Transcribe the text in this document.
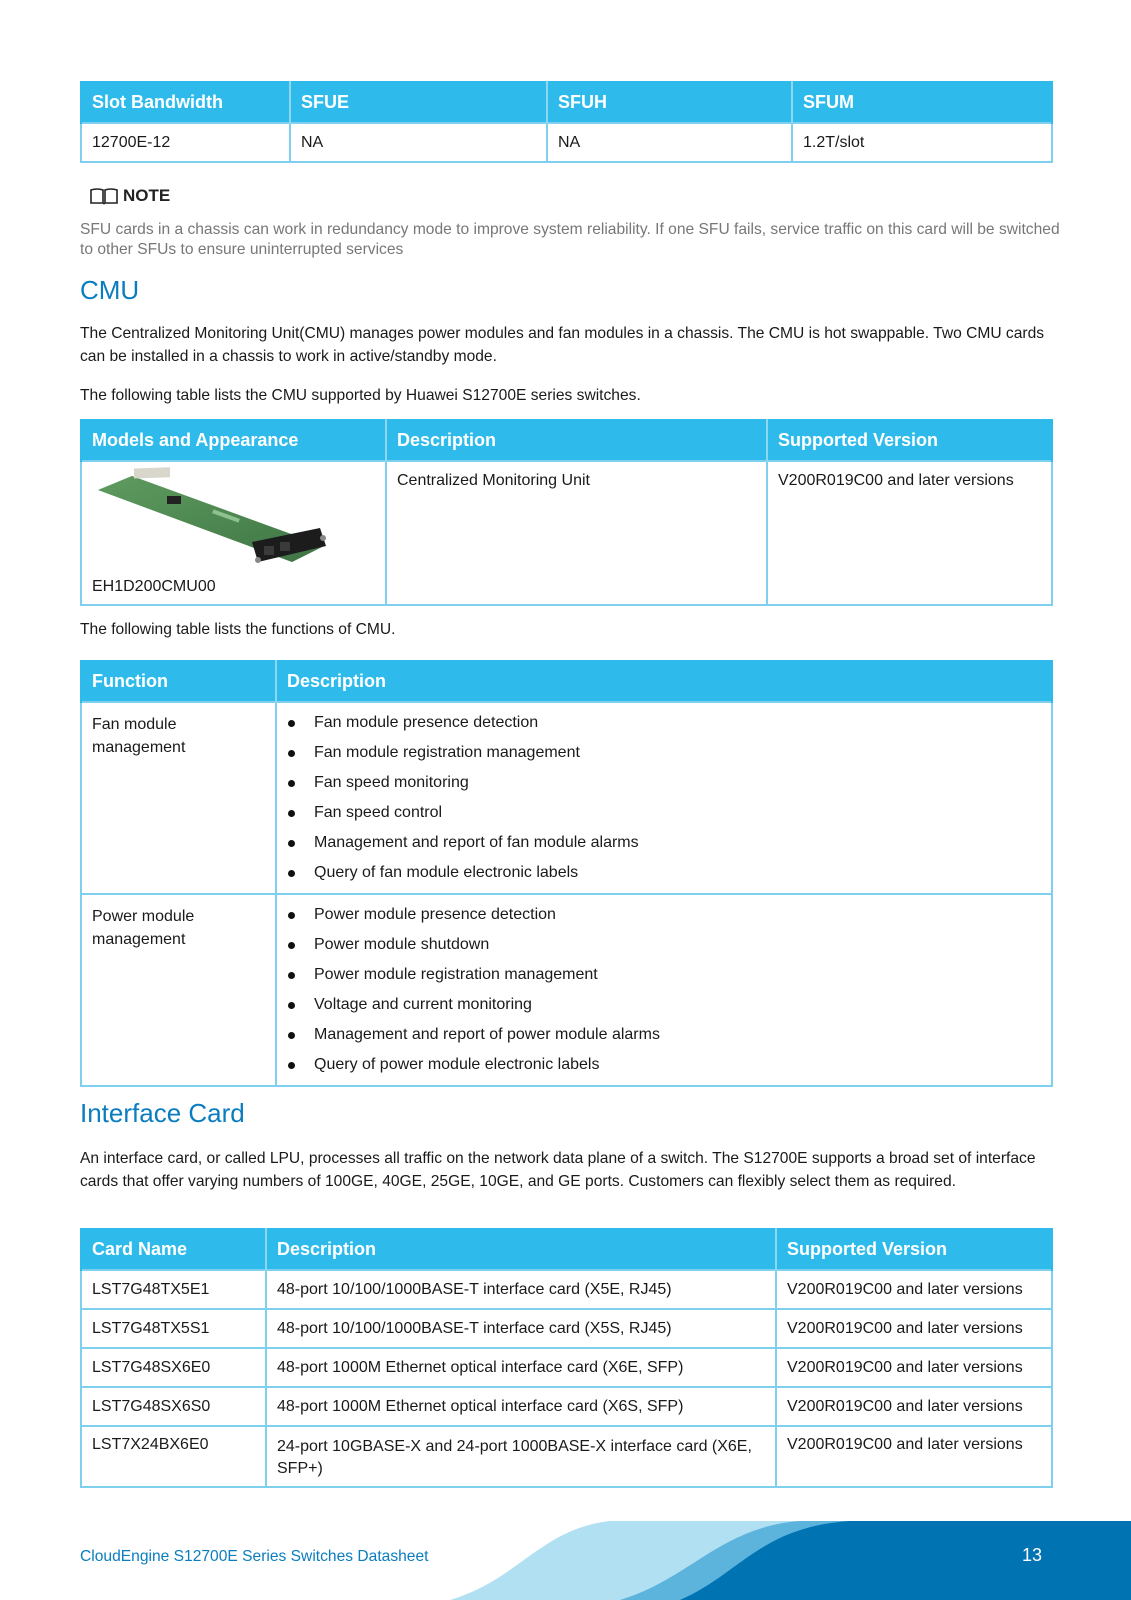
Slot Bandwidth	SFUE	SFUH	SFUM
12700E-12	NA	NA	1.2T/slot
NOTE
SFU cards in a chassis can work in redundancy mode to improve system reliability. If one SFU fails, service traffic on this card will be switched to other SFUs to ensure uninterrupted services
CMU
The Centralized Monitoring Unit(CMU) manages power modules and fan modules in a chassis. The CMU is hot swappable. Two CMU cards can be installed in a chassis to work in active/standby mode.
The following table lists the CMU supported by Huawei S12700E series switches.
Models and Appearance	Description	Supported Version

EH1D200CMU00	Centralized Monitoring Unit	V200R019C00 and later versions
The following table lists the functions of CMU.
Function	Description
Fan module management	
Fan module presence detection
Fan module registration management
Fan speed monitoring
Fan speed control
Management and report of fan module alarms
Query of fan module electronic labels

Power module management	
Power module presence detection
Power module shutdown
Power module registration management
Voltage and current monitoring
Management and report of power module alarms
Query of power module electronic labels
Interface Card
An interface card, or called LPU, processes all traffic on the network data plane of a switch. The S12700E supports a broad set of interface cards that offer varying numbers of 100GE, 40GE, 25GE, 10GE, and GE ports. Customers can flexibly select them as required.
Card Name	Description	Supported Version
LST7G48TX5E1	48-port 10/100/1000BASE-T interface card (X5E, RJ45)	V200R019C00 and later versions
LST7G48TX5S1	48-port 10/100/1000BASE-T interface card (X5S, RJ45)	V200R019C00 and later versions
LST7G48SX6E0	48-port 1000M Ethernet optical interface card (X6E, SFP)	V200R019C00 and later versions
LST7G48SX6S0	48-port 1000M Ethernet optical interface card (X6S, SFP)	V200R019C00 and later versions
LST7X24BX6E0	24-port 10GBASE-X and 24-port 1000BASE-X interface card (X6E, SFP+)	V200R019C00 and later versions
CloudEngine S12700E Series Switches Datasheet	13
